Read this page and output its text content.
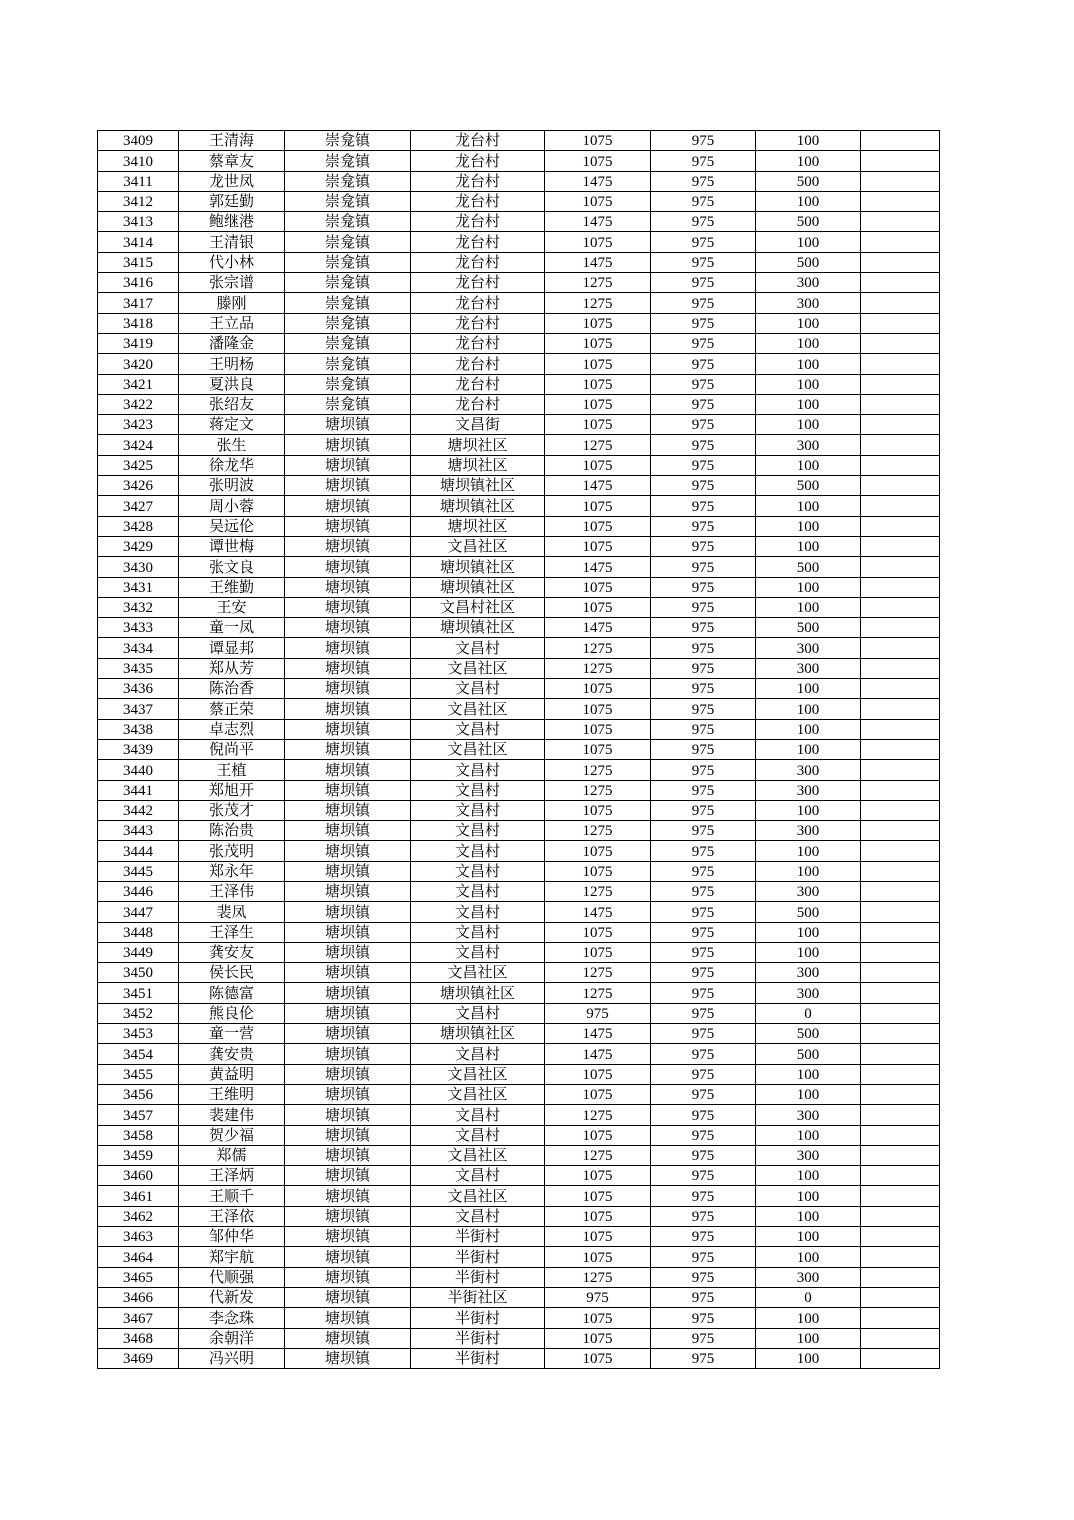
3409	王清海	崇龛镇	龙台村	1075	975	100	
3410	蔡章友	崇龛镇	龙台村	1075	975	100	
3411	龙世凤	崇龛镇	龙台村	1475	975	500	
3412	郭廷勤	崇龛镇	龙台村	1075	975	100	
3413	鲍继港	崇龛镇	龙台村	1475	975	500	
3414	王清银	崇龛镇	龙台村	1075	975	100	
3415	代小林	崇龛镇	龙台村	1475	975	500	
3416	张宗谱	崇龛镇	龙台村	1275	975	300	
3417	滕刚	崇龛镇	龙台村	1275	975	300	
3418	王立品	崇龛镇	龙台村	1075	975	100	
3419	潘隆金	崇龛镇	龙台村	1075	975	100	
3420	王明杨	崇龛镇	龙台村	1075	975	100	
3421	夏洪良	崇龛镇	龙台村	1075	975	100	
3422	张绍友	崇龛镇	龙台村	1075	975	100	
3423	蒋定文	塘坝镇	文昌街	1075	975	100	
3424	张生	塘坝镇	塘坝社区	1275	975	300	
3425	徐龙华	塘坝镇	塘坝社区	1075	975	100	
3426	张明波	塘坝镇	塘坝镇社区	1475	975	500	
3427	周小蓉	塘坝镇	塘坝镇社区	1075	975	100	
3428	吴远伦	塘坝镇	塘坝社区	1075	975	100	
3429	谭世梅	塘坝镇	文昌社区	1075	975	100	
3430	张文良	塘坝镇	塘坝镇社区	1475	975	500	
3431	王维勤	塘坝镇	塘坝镇社区	1075	975	100	
3432	王安	塘坝镇	文昌村社区	1075	975	100	
3433	童一凤	塘坝镇	塘坝镇社区	1475	975	500	
3434	谭显邦	塘坝镇	文昌村	1275	975	300	
3435	郑从芳	塘坝镇	文昌社区	1275	975	300	
3436	陈治香	塘坝镇	文昌村	1075	975	100	
3437	蔡正荣	塘坝镇	文昌社区	1075	975	100	
3438	卓志烈	塘坝镇	文昌村	1075	975	100	
3439	倪尚平	塘坝镇	文昌社区	1075	975	100	
3440	王植	塘坝镇	文昌村	1275	975	300	
3441	郑旭开	塘坝镇	文昌村	1275	975	300	
3442	张茂才	塘坝镇	文昌村	1075	975	100	
3443	陈治贵	塘坝镇	文昌村	1275	975	300	
3444	张茂明	塘坝镇	文昌村	1075	975	100	
3445	郑永年	塘坝镇	文昌村	1075	975	100	
3446	王泽伟	塘坝镇	文昌村	1275	975	300	
3447	裴凤	塘坝镇	文昌村	1475	975	500	
3448	王泽生	塘坝镇	文昌村	1075	975	100	
3449	龚安友	塘坝镇	文昌村	1075	975	100	
3450	侯长民	塘坝镇	文昌社区	1275	975	300	
3451	陈德富	塘坝镇	塘坝镇社区	1275	975	300	
3452	熊良伦	塘坝镇	文昌村	975	975	0	
3453	童一营	塘坝镇	塘坝镇社区	1475	975	500	
3454	龚安贵	塘坝镇	文昌村	1475	975	500	
3455	黄益明	塘坝镇	文昌社区	1075	975	100	
3456	王维明	塘坝镇	文昌社区	1075	975	100	
3457	裴建伟	塘坝镇	文昌村	1275	975	300	
3458	贺少福	塘坝镇	文昌村	1075	975	100	
3459	郑儒	塘坝镇	文昌社区	1275	975	300	
3460	王泽炳	塘坝镇	文昌村	1075	975	100	
3461	王顺千	塘坝镇	文昌社区	1075	975	100	
3462	王泽依	塘坝镇	文昌村	1075	975	100	
3463	邹仲华	塘坝镇	半街村	1075	975	100	
3464	郑宇航	塘坝镇	半街村	1075	975	100	
3465	代顺强	塘坝镇	半街村	1275	975	300	
3466	代新发	塘坝镇	半街社区	975	975	0	
3467	李念珠	塘坝镇	半街村	1075	975	100	
3468	余朝洋	塘坝镇	半街村	1075	975	100	
3469	冯兴明	塘坝镇	半街村	1075	975	100	
